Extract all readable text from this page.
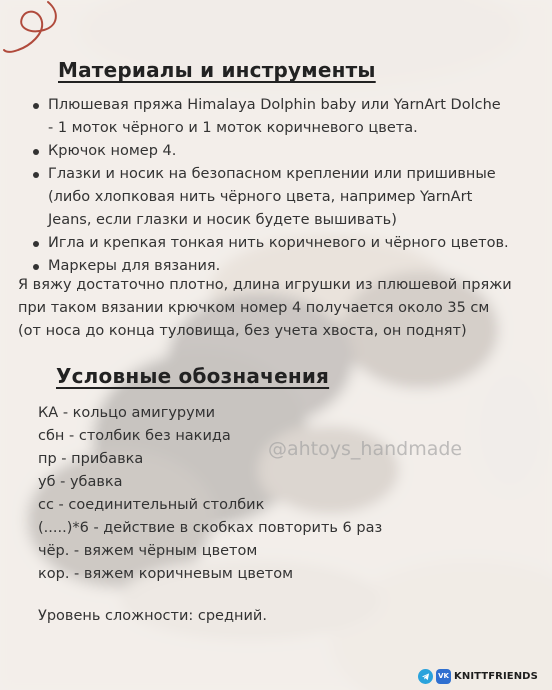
Материалы и инструменты
Плюшевая пряжа Himalaya Dolphin baby или YarnArt Dolche
- 1 моток чёрного и 1 моток коричневого цвета.
Крючок номер 4.
Глазки и носик на безопасном креплении или пришивные
(либо хлопковая нить чёрного цвета, например YarnArt
Jeans, если глазки и носик будете вышивать)
Игла и крепкая тонкая нить коричневого и чёрного цветов.
Маркеры для вязания.
Я вяжу достаточно плотно, длина игрушки из плюшевой пряжи
при таком вязании крючком номер 4 получается около 35 см
(от носа до конца туловища, без учета хвоста, он поднят)
Условные обозначения
КА - кольцо амигуруми
сбн - столбик без накида
пр - прибавка
уб - убавка
сс - соединительный столбик
(.....)*6 - действие в скобках повторить 6 раз
чёр. - вяжем чёрным цветом
кор. - вяжем коричневым цветом
@ahtoys_handmade
Уровень сложности: средний.
VK KNITTFRIENDS
